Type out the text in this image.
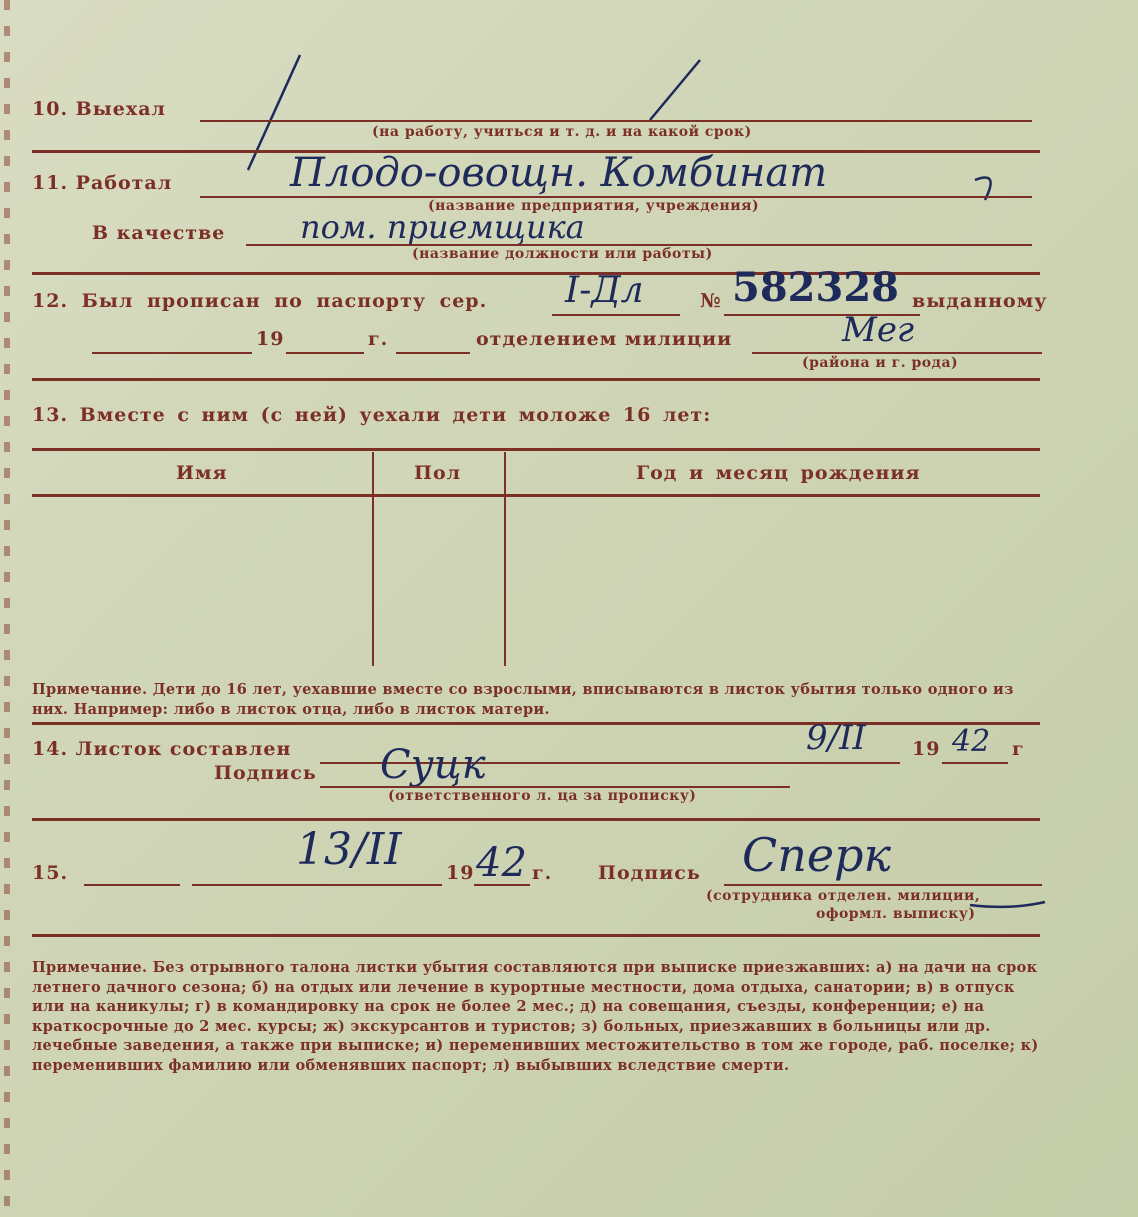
10. Выехал
(на работу, учиться и т. д. и на какой срок)
11. Работал	Плодо-овощн. Комбинат
(название предприятия, учреждения)
В качестве пом. приемщика
(название должности или работы)
12. Был прописан по паспорту сер. I-Дл	№ 582328 выданному
19	г.	отделением милиции	Мег
(района и г. рода)
13. Вместе с ним (с ней) уехали дети моложе 16 лет:
Имя	Пол	Год и месяц рождения
Примечание. Дети до 16 лет, уехавшие вместе со взрослыми, вписываются в листок убытия только одного из них. Например: либо в листок отца, либо в листок матери.
14. Листок составлен	9/II 19 42 г
Подпись Суцк
(ответственного л. ца за прописку)
15.	13/II 19 42 г. Подпись Сперк
(сотрудника отделен. милиции,
оформл. выписку)
Примечание. Без отрывного талона листки убытия составляются при выписке приезжавших: а) на дачи на срок летнего дачного сезона; б) на отдых или лечение в курортные местности, дома отдыха, санатории; в) в отпуск или на каникулы; г) в командировку на срок не более 2 мес.; д) на совещания, съезды, конференции; е) на краткосрочные до 2 мес. курсы; ж) экскурсантов и туристов; з) больных, приезжавших в больницы или др. лечебные заведения, а также при выписке; и) переменивших местожительство в том же городе, раб. поселке; к) переменивших фамилию или обменявших паспорт; л) выбывших вследствие смерти.
